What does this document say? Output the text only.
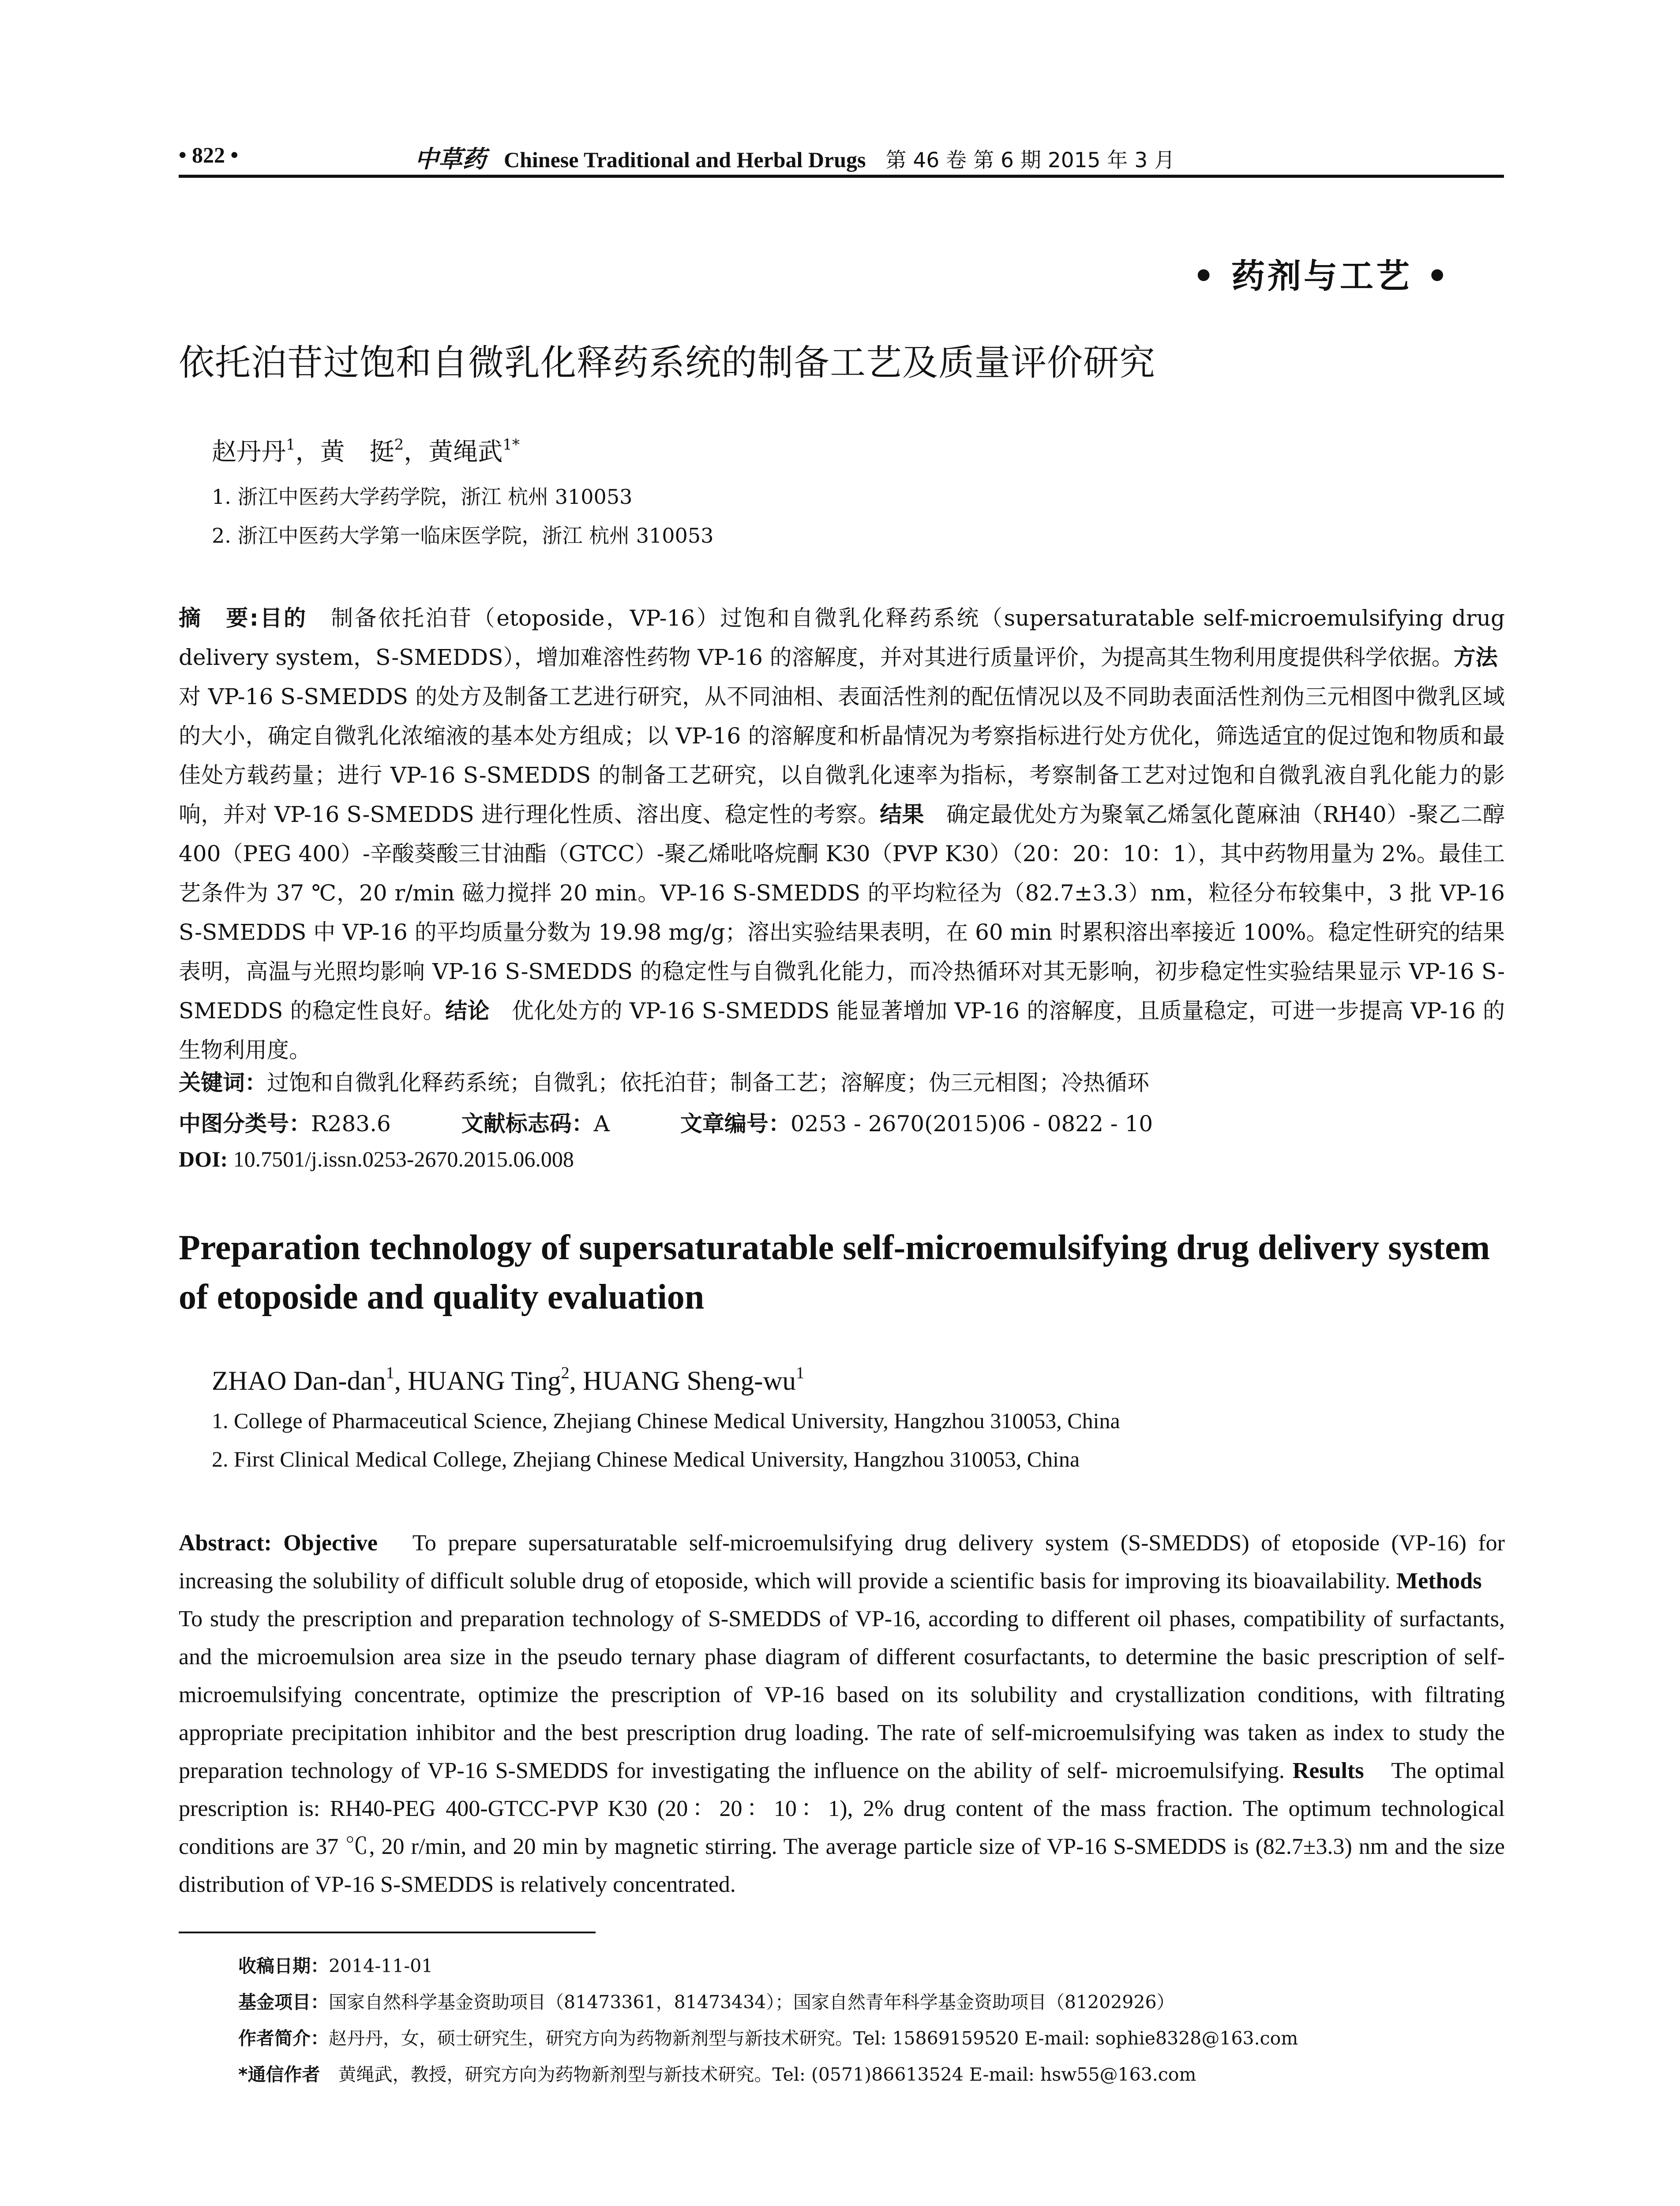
• 822 •	中草药 Chinese Traditional and Herbal Drugs 第 46 卷 第 6 期 2015 年 3 月
• 药剂与工艺 •
依托泊苷过饱和自微乳化释药系统的制备工艺及质量评价研究
赵丹丹$^1$，黄　挺$^2$，黄绳武$^{1*}$
1. 浙江中医药大学药学院，浙江 杭州 310053
2. 浙江中医药大学第一临床医学院，浙江 杭州 310053
摘　要:目的　制备依托泊苷（etoposide，VP-16）过饱和自微乳化释药系统（supersaturatable self-microemulsifying drug delivery system，S-SMEDDS），增加难溶性药物 VP-16 的溶解度，并对其进行质量评价，为提高其生物利用度提供科学依据。方法　对 VP-16 S-SMEDDS 的处方及制备工艺进行研究，从不同油相、表面活性剂的配伍情况以及不同助表面活性剂伪三元相图中微乳区域的大小，确定自微乳化浓缩液的基本处方组成；以 VP-16 的溶解度和析晶情况为考察指标进行处方优化，筛选适宜的促过饱和物质和最佳处方载药量；进行 VP-16 S-SMEDDS 的制备工艺研究，以自微乳化速率为指标，考察制备工艺对过饱和自微乳液自乳化能力的影响，并对 VP-16 S-SMEDDS 进行理化性质、溶出度、稳定性的考察。结果　确定最优处方为聚氧乙烯氢化蓖麻油（RH40）-聚乙二醇 400（PEG 400）-辛酸葵酸三甘油酯（GTCC）-聚乙烯吡咯烷酮 K30（PVP K30）（20：20：10：1），其中药物用量为 2%。最佳工艺条件为 37 ℃，20 r/min 磁力搅拌 20 min。VP-16 S-SMEDDS 的平均粒径为（82.7±3.3）nm，粒径分布较集中，3 批 VP-16 S-SMEDDS 中 VP-16 的平均质量分数为 19.98 mg/g；溶出实验结果表明，在 60 min 时累积溶出率接近 100%。稳定性研究的结果表明，高温与光照均影响 VP-16 S-SMEDDS 的稳定性与自微乳化能力，而冷热循环对其无影响，初步稳定性实验结果显示 VP-16 S-SMEDDS 的稳定性良好。结论　优化处方的 VP-16 S-SMEDDS 能显著增加 VP-16 的溶解度，且质量稳定，可进一步提高 VP-16 的生物利用度。
关键词：过饱和自微乳化释药系统；自微乳；依托泊苷；制备工艺；溶解度；伪三元相图；冷热循环
中图分类号：R283.6	文献标志码：A	文章编号：0253 - 2670(2015)06 - 0822 - 10
DOI: 10.7501/j.issn.0253-2670.2015.06.008
Preparation technology of supersaturatable self-microemulsifying drug delivery system of etoposide and quality evaluation
ZHAO Dan-dan$^1$, HUANG Ting$^2$, HUANG Sheng-$wu^1$
1. College of Pharmaceutical Science, Zhejiang Chinese Medical University, Hangzhou 310053, China
2. First Clinical Medical College, Zhejiang Chinese Medical University, Hangzhou 310053, China
Abstract: Objective　To prepare supersaturatable self-microemulsifying drug delivery system (S-SMEDDS) of etoposide (VP-16) for increasing the solubility of difficult soluble drug of etoposide, which will provide a scientific basis for improving its bioavailability. Methods　To study the prescription and preparation technology of S-SMEDDS of VP-16, according to different oil phases, compatibility of surfactants, and the microemulsion area size in the pseudo ternary phase diagram of different cosurfactants, to determine the basic prescription of self-microemulsifying concentrate, optimize the prescription of VP-16 based on its solubility and crystallization conditions, with filtrating appropriate precipitation inhibitor and the best prescription drug loading. The rate of self-microemulsifying was taken as index to study the preparation technology of VP-16 S-SMEDDS for investigating the influence on the ability of self- microemulsifying. Results　The optimal prescription is: RH40-PEG 400-GTCC-PVP K30 (20：20：10：1), 2% drug content of the mass fraction. The optimum technological conditions are 37 ℃, 20 r/min, and 20 min by magnetic stirring. The average particle size of VP-16 S-SMEDDS is (82.7±3.3) nm and the size distribution of VP-16 S-SMEDDS is relatively concentrated.
收稿日期：2014-11-01
基金项目：国家自然科学基金资助项目（81473361，81473434）；国家自然青年科学基金资助项目（81202926）
作者简介：赵丹丹，女，硕士研究生，研究方向为药物新剂型与新技术研究。Tel: 15869159520 E-mail: sophie8328@163.com
*通信作者　黄绳武，教授，研究方向为药物新剂型与新技术研究。Tel: (0571)86613524 E-mail: hsw55@163.com
